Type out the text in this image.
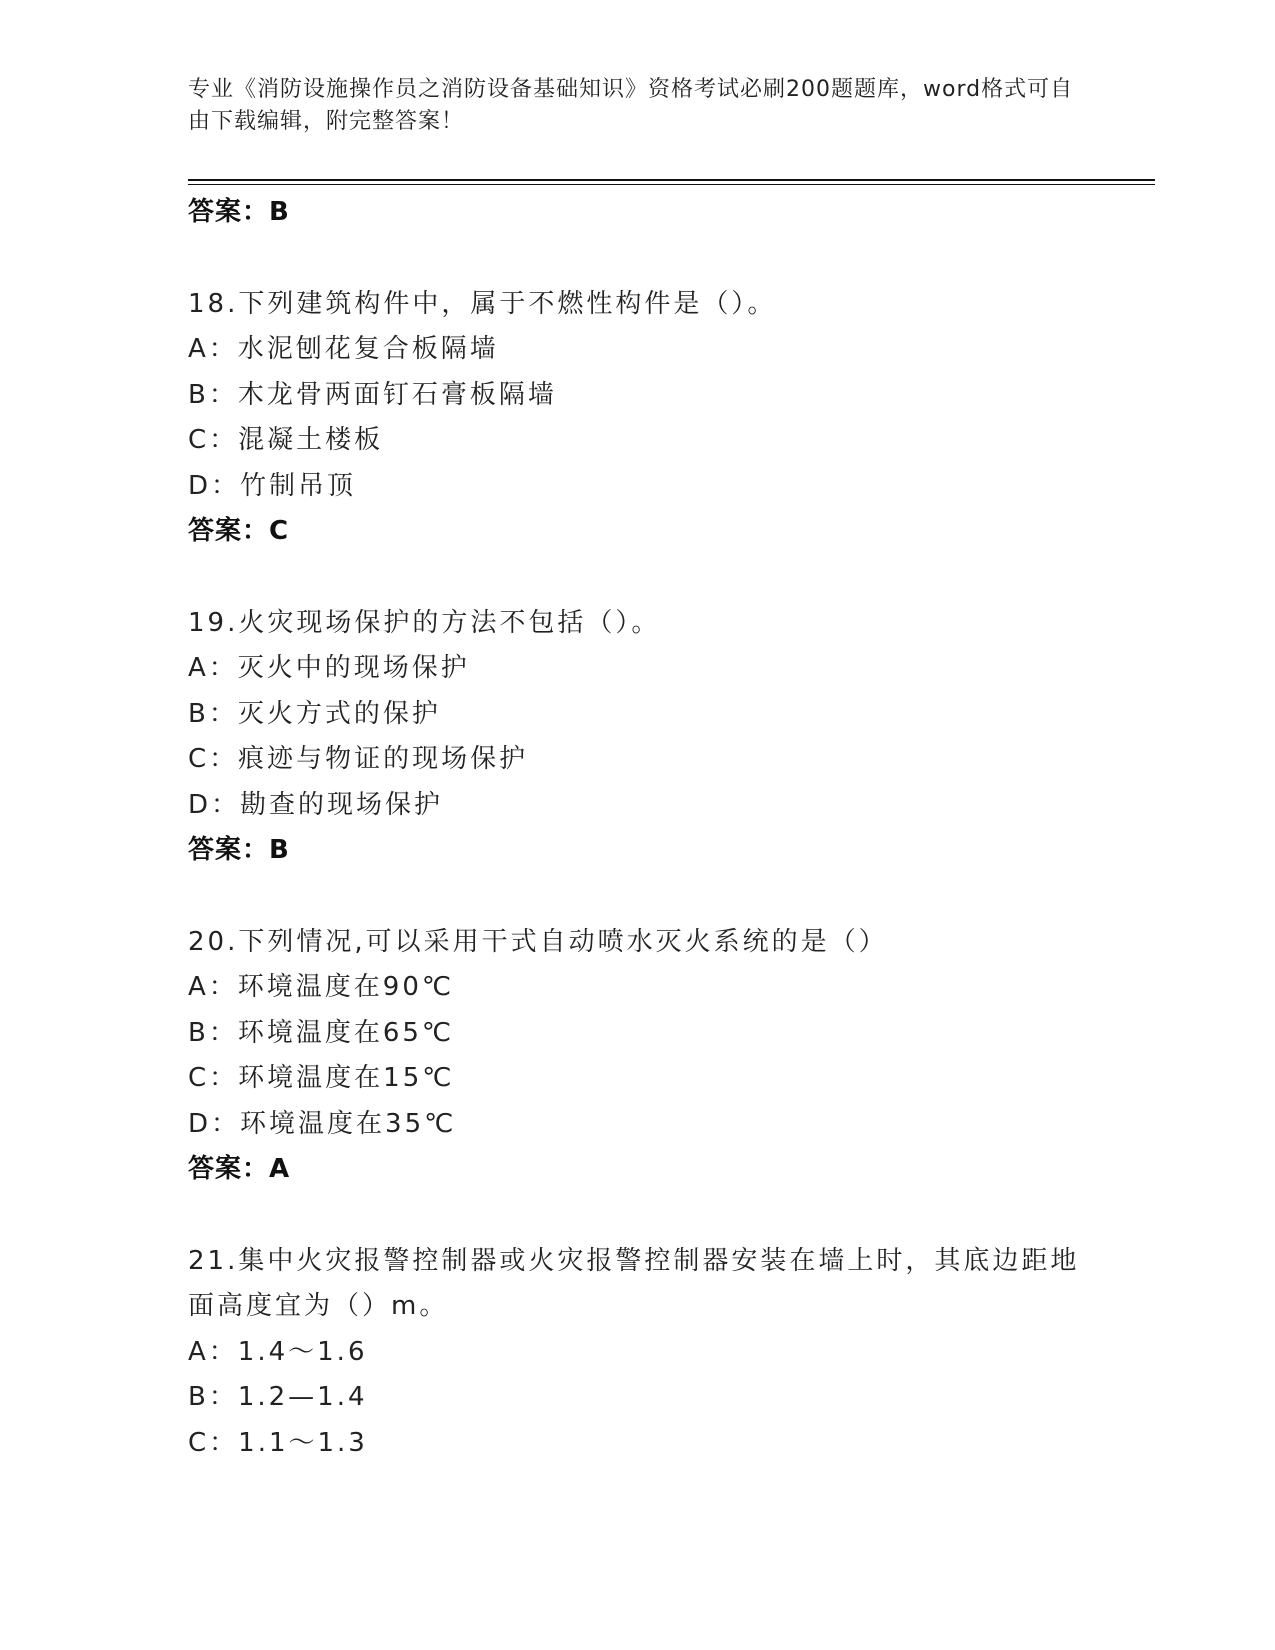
专业《消防设施操作员之消防设备基础知识》资格考试必刷200题题库，word格式可自由下载编辑，附完整答案！
答案：B
18.下列建筑构件中，属于不燃性构件是（）。
A：水泥刨花复合板隔墙
B：木龙骨两面钉石膏板隔墙
C：混凝土楼板
D：竹制吊顶
答案：C
19.火灾现场保护的方法不包括（）。
A：灭火中的现场保护
B：灭火方式的保护
C：痕迹与物证的现场保护
D：勘查的现场保护
答案：B
20.下列情况,可以采用干式自动喷水灭火系统的是（）
A：环境温度在90℃
B：环境温度在65℃
C：环境温度在15℃
D：环境温度在35℃
答案：A
21.集中火灾报警控制器或火灾报警控制器安装在墙上时，其底边距地面高度宜为（）m。
A：1.4～1.6
B：1.2—1.4
C：1.1～1.3
